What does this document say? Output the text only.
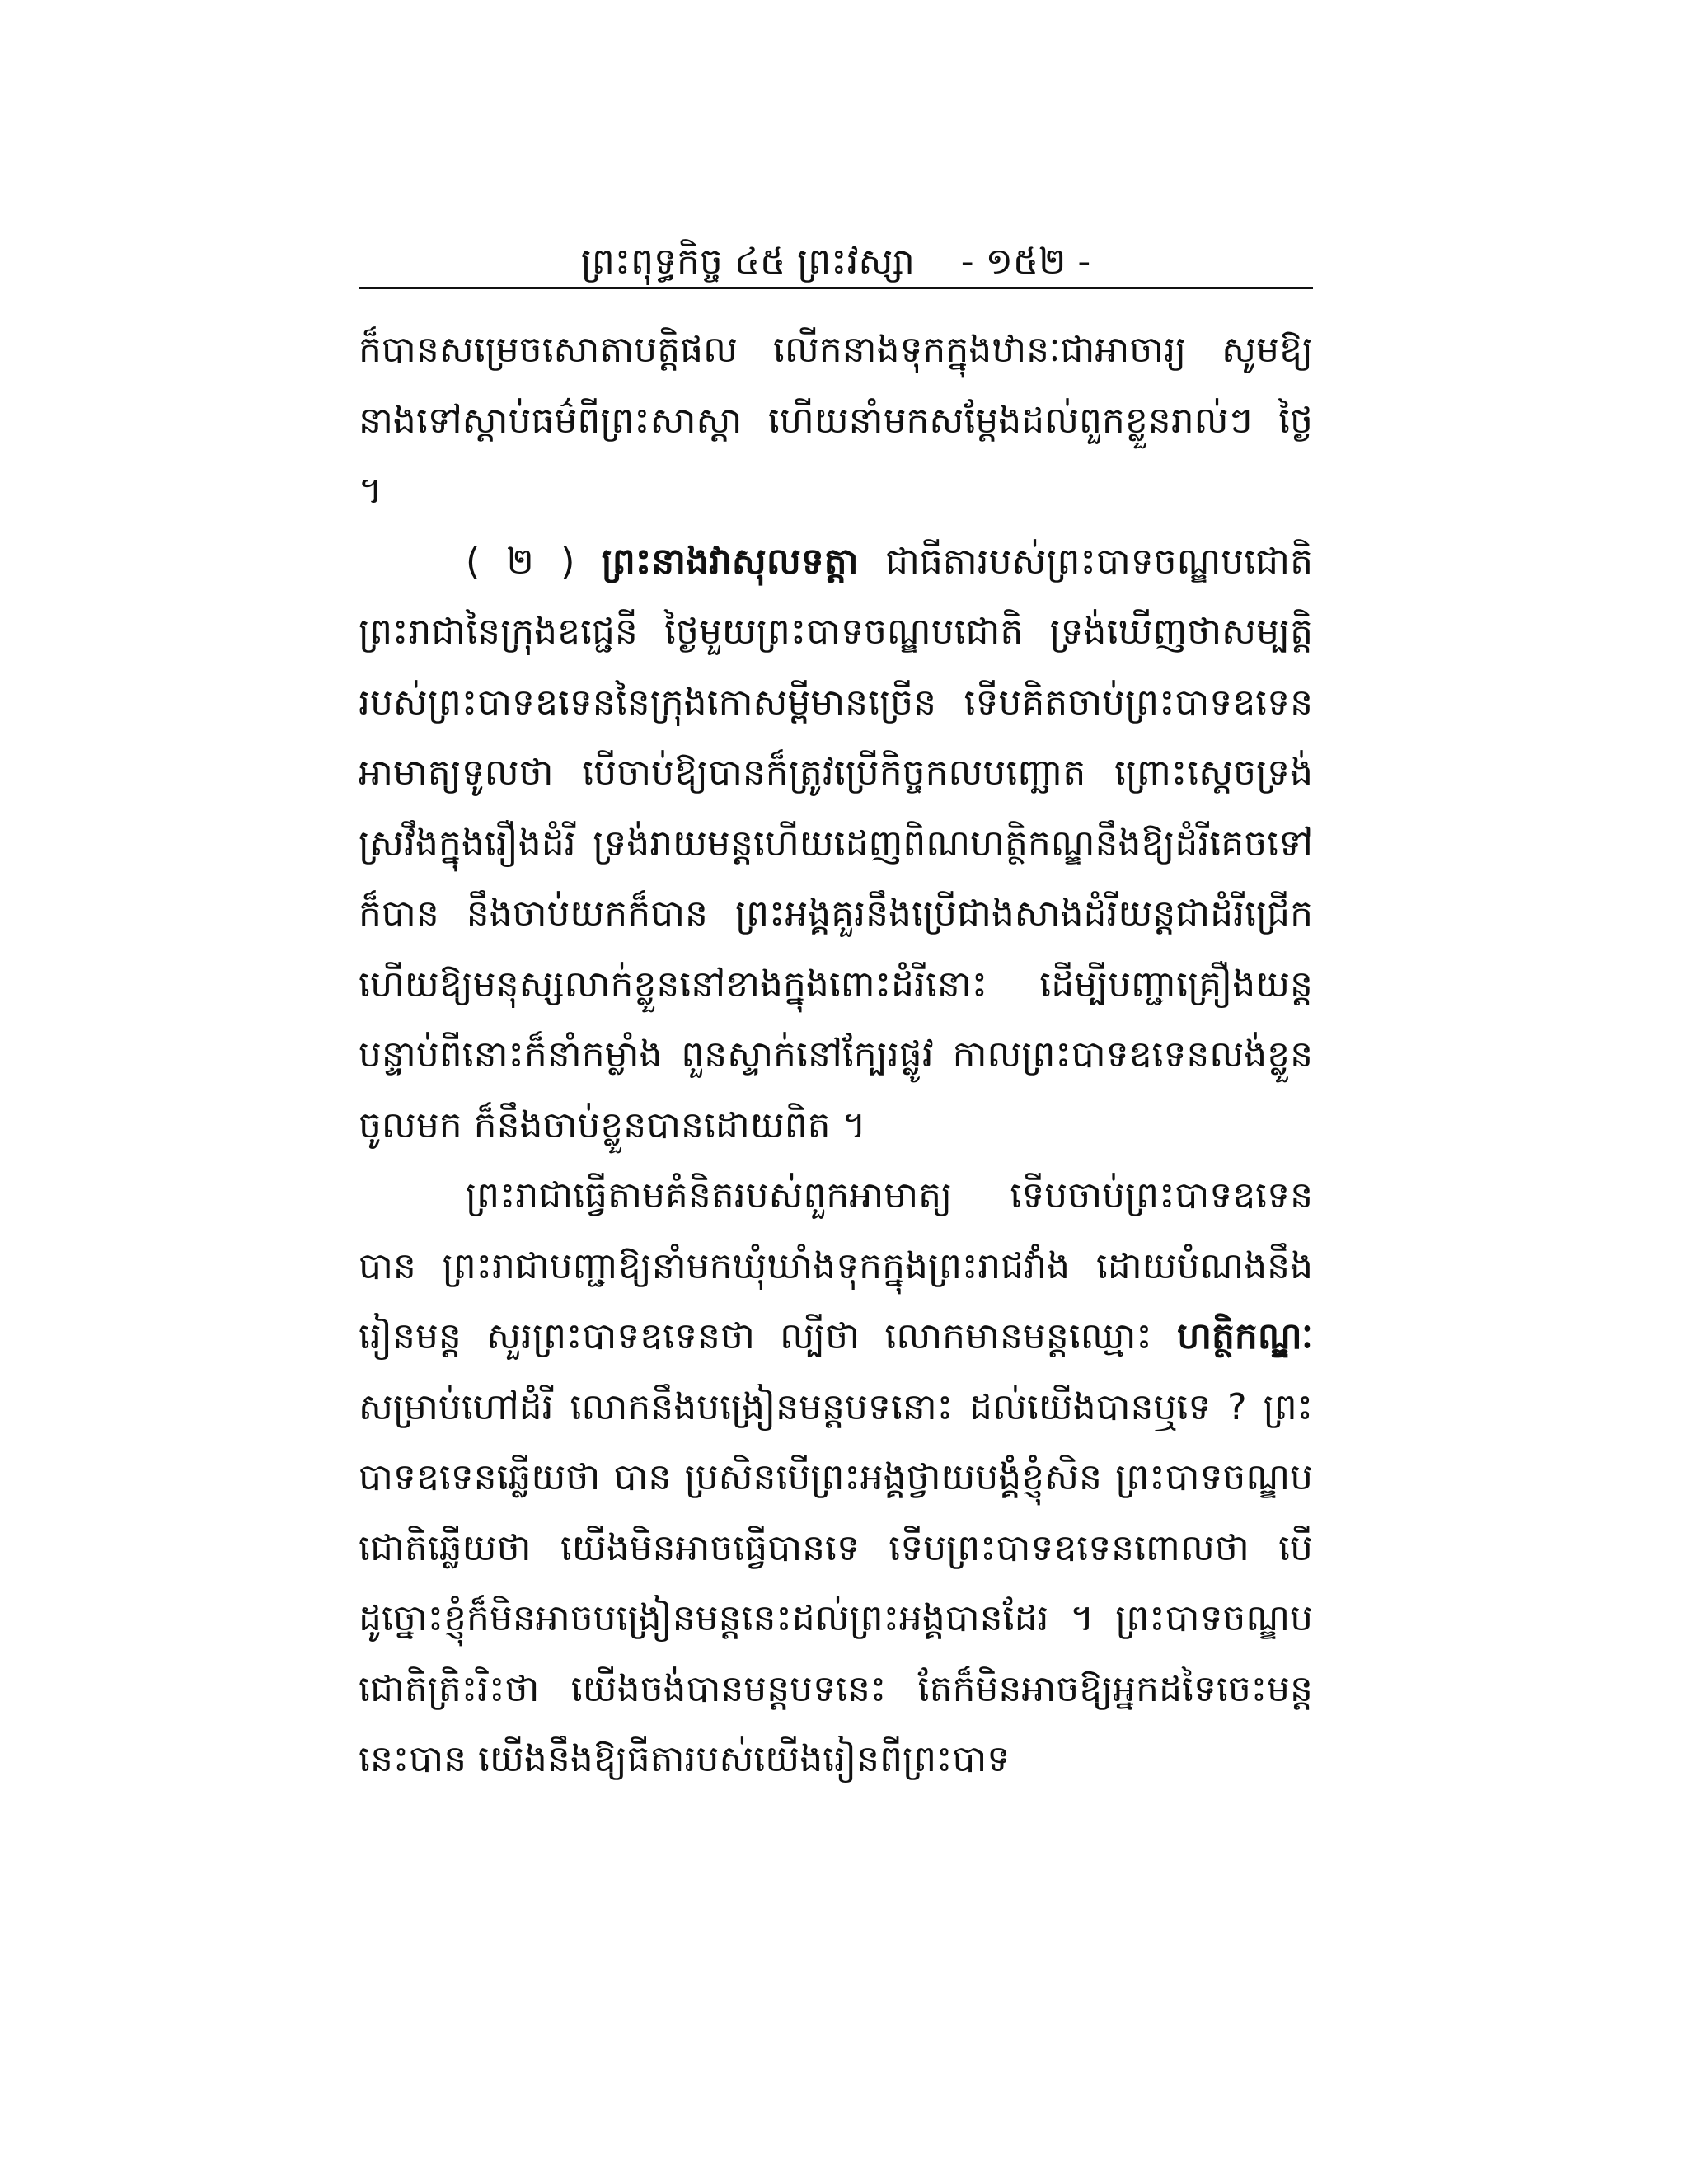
ព្រះពុទ្ធកិច្ច ៤៥ ព្រះវស្សា - ១៥២ -

ក៏បានសម្រេចសោតាបត្តិផល លើកនាងទុកក្នុងឋានៈជាអាចារ្យ សូមឱ្យនាងទៅស្តាប់ធម៌ពីព្រះសាស្តា ហើយនាំមកសម្តែងដល់ពួកខ្លួនរាល់ៗ ថ្ងៃ ។

( ២ ) ព្រះនាងវាសុលទត្តា ជាធីតារបស់ព្រះបាទចណ្ឌបជោតិ ព្រះរាជានៃក្រុងឧជ្ជេនី ថ្ងៃមួយព្រះបាទចណ្ឌបជោតិ ទ្រង់ឃើញថាសម្បត្តិរបស់ព្រះបាទឧទេននៃក្រុងកោសម្ពីមានច្រើន ទើបគិតចាប់ព្រះបាទឧទេន អាមាត្យទូលថា បើចាប់ឱ្យបានក៏ត្រូវប្រើកិច្ចកលបញ្ឆោត ព្រោះស្តេចទ្រង់ស្រវឹងក្នុងរឿងដំរី ទ្រង់រាយមន្តហើយដេញពិណហត្ថិកណ្ឌនឹងឱ្យដំរីគេចទៅក៏បាន នឹងចាប់យកក៏បាន ព្រះអង្គគួរនឹងប្រើជាងសាងដំរីយន្តជាដំរីជ្រើក ហើយឱ្យមនុស្សលាក់ខ្លួននៅខាងក្នុងពោះដំរីនោះ ដើម្បីបញ្ជាគ្រឿងយន្ត បន្ទាប់ពីនោះក៏នាំកម្លាំង ពួនស្ទាក់នៅក្បែរផ្លូវ កាលព្រះបាទឧទេនលង់ខ្លួនចូលមក ក៏នឹងចាប់ខ្លួនបានដោយពិត ។

ព្រះរាជាធ្វើតាមគំនិតរបស់ពួកអាមាត្យ ទើបចាប់ព្រះបាទឧទេនបាន ព្រះរាជាបញ្ជាឱ្យនាំមកឃុំឃាំងទុកក្នុងព្រះរាជវាំង ដោយបំណងនឹងរៀនមន្ត សួរព្រះបាទឧទេនថា ល្បីថា លោកមានមន្តឈ្មោះ ហត្ថិកណ្ឌៈ សម្រាប់ហៅដំរី លោកនឹងបង្រៀនមន្តបទនោះ ដល់យើងបានឬទេ ? ព្រះបាទឧទេនឆ្លើយថា បាន ប្រសិនបើព្រះអង្គថ្វាយបង្គំខ្ញុំសិន ព្រះបាទចណ្ឌបជោតិឆ្លើយថា យើងមិនអាចធ្វើបានទេ ទើបព្រះបាទឧទេនពោលថា បើដូច្នោះខ្ញុំក៏មិនអាចបង្រៀនមន្តនេះដល់ព្រះអង្គបានដែរ ។ ព្រះបាទចណ្ឌបជោតិត្រិះរិះថា យើងចង់បានមន្តបទនេះ តែក៏មិនអាចឱ្យអ្នកដទៃចេះមន្តនេះបាន យើងនឹងឱ្យធីតារបស់យើងរៀនពីព្រះបាទ
